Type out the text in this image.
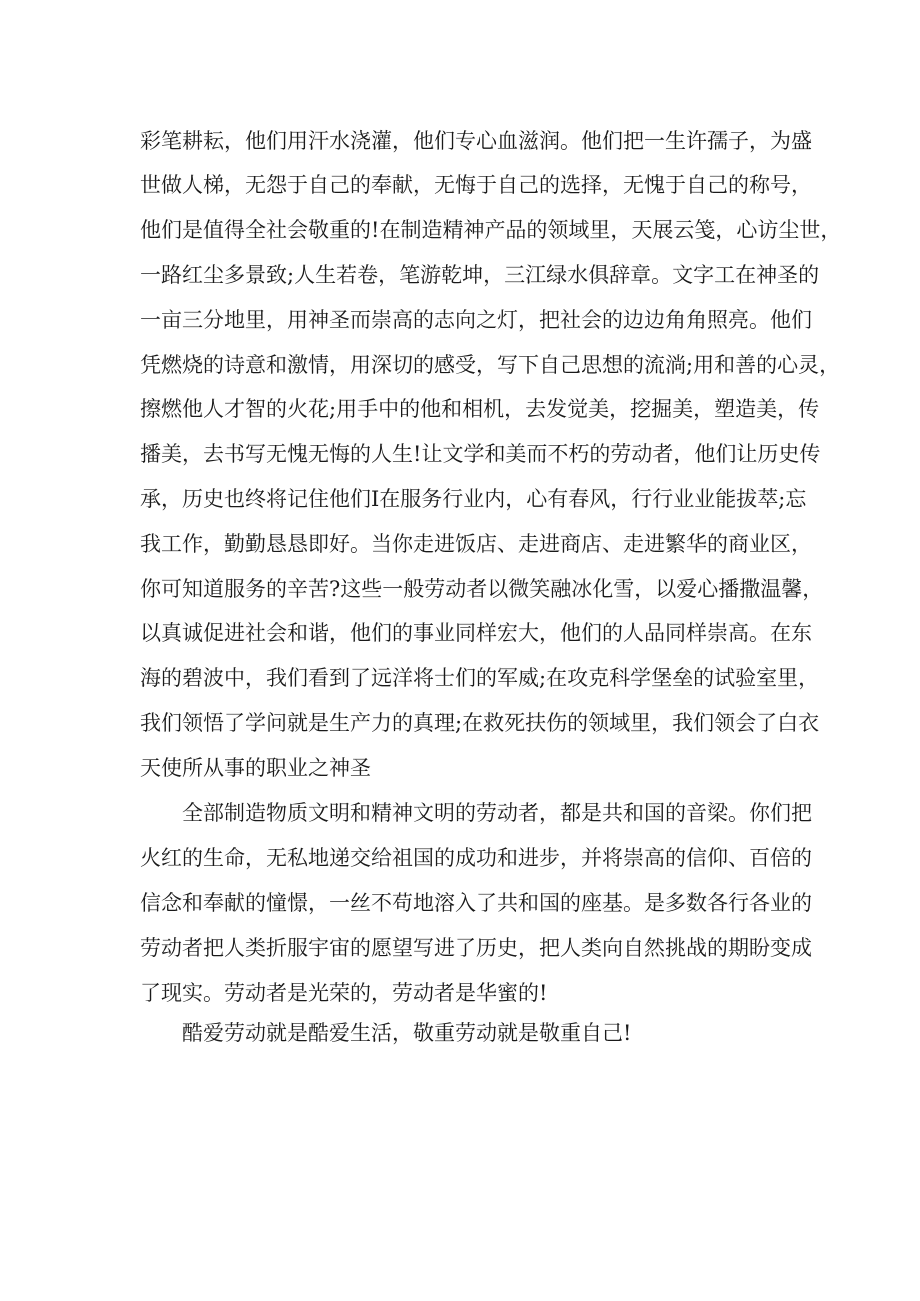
彩笔耕耘，他们用汗水浇灌，他们专心血滋润。他们把一生许孺子，为盛
世做人梯，无怨于自己的奉献，无悔于自己的选择，无愧于自己的称号，
他们是值得全社会敬重的!在制造精神产品的领域里，天展云笺，心访尘世，
一路红尘多景致;人生若卷，笔游乾坤，三江绿水俱辞章。文字工在神圣的
一亩三分地里，用神圣而崇高的志向之灯，把社会的边边角角照亮。他们
凭燃烧的诗意和激情，用深切的感受，写下自己思想的流淌;用和善的心灵，
擦燃他人才智的火花;用手中的他和相机，去发觉美，挖掘美，塑造美，传
播美，去书写无愧无悔的人生!让文学和美而不朽的劳动者，他们让历史传
承，历史也终将记住他们I在服务行业内，心有春风，行行业业能拔萃;忘
我工作，勤勤恳恳即好。当你走进饭店、走进商店、走进繁华的商业区，
你可知道服务的辛苦?这些一般劳动者以微笑融冰化雪，以爱心播撒温馨，
以真诚促进社会和谐，他们的事业同样宏大，他们的人品同样崇高。在东
海的碧波中，我们看到了远洋将士们的军威;在攻克科学堡垒的试验室里，
我们领悟了学问就是生产力的真理;在救死扶伤的领域里，我们领会了白衣
天使所从事的职业之神圣
全部制造物质文明和精神文明的劳动者，都是共和国的音梁。你们把
火红的生命，无私地递交给祖国的成功和进步，并将崇高的信仰、百倍的
信念和奉献的憧憬，一丝不苟地溶入了共和国的座基。是多数各行各业的
劳动者把人类折服宇宙的愿望写进了历史，把人类向自然挑战的期盼变成
了现实。劳动者是光荣的，劳动者是华蜜的!
酷爱劳动就是酷爱生活，敬重劳动就是敬重自己!
